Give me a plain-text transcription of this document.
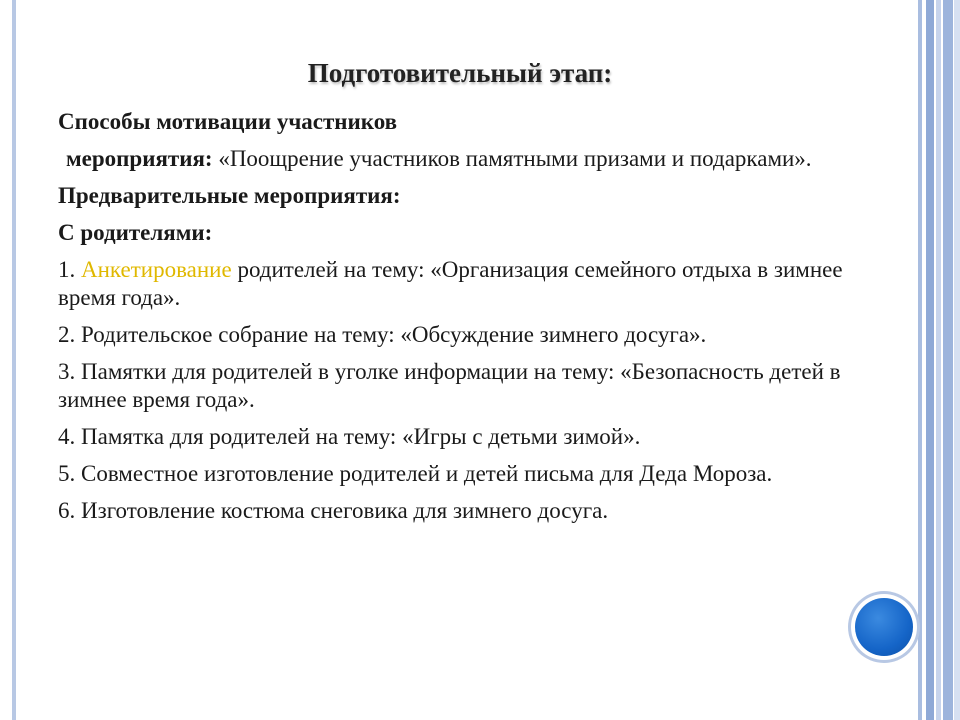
Подготовительный этап:

Способы мотивации участников

мероприятия: «Поощрение участников памятными призами и подарками».

Предварительные мероприятия:

С родителями:

1. Анкетирование родителей на тему: «Организация семейного отдыха в зимнее время года».

2. Родительское собрание на тему: «Обсуждение зимнего досуга».

3. Памятки для родителей в уголке информации на тему: «Безопасность детей в зимнее время года».

4. Памятка для родителей на тему: «Игры с детьми зимой».

5. Совместное изготовление родителей и детей письма для Деда Мороза.

6. Изготовление костюма снеговика для зимнего досуга.
